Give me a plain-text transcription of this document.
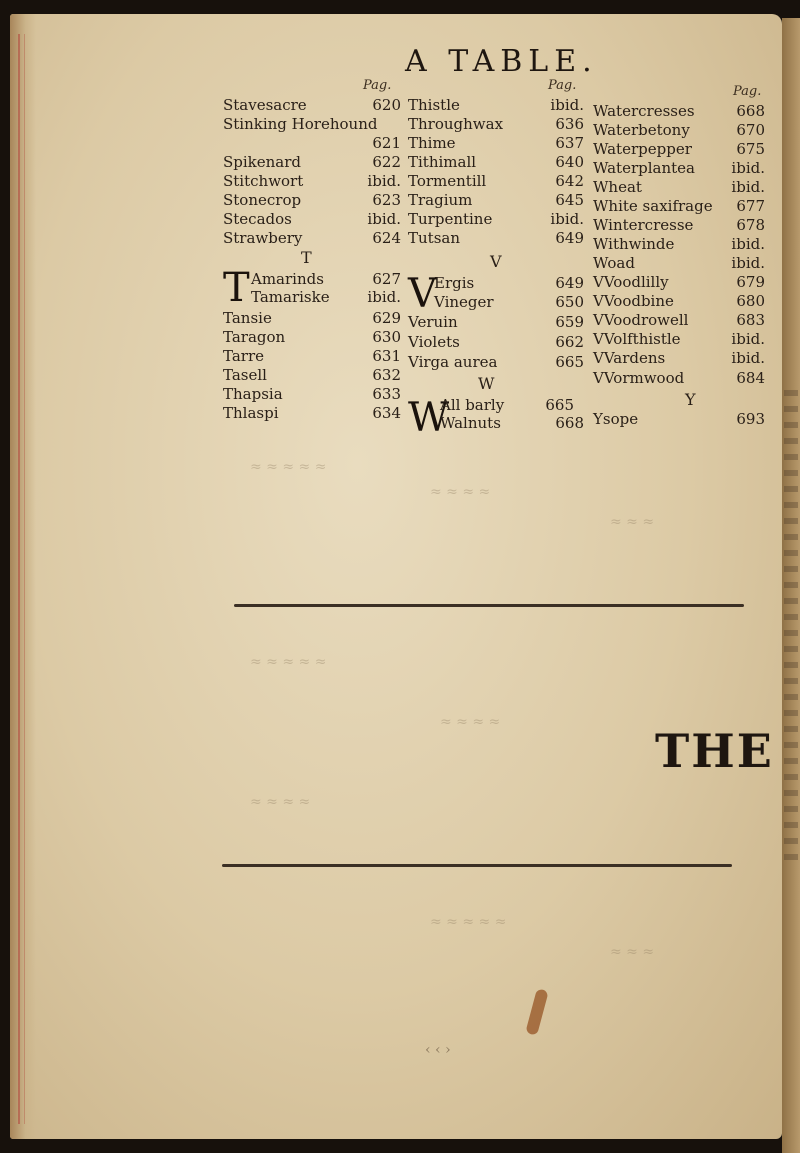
A TABLE.
≈ ≈ ≈ ≈ ≈
≈ ≈ ≈ ≈
≈ ≈ ≈
≈ ≈ ≈ ≈ ≈
≈ ≈ ≈ ≈
≈ ≈ ≈ ≈
≈ ≈ ≈ ≈ ≈
≈ ≈ ≈
Pag.
Stavesacre	620
Stinking Horehound
621
Spikenard	622
Stitchwort	ibid.
Stonecrop	623
Stecados	ibid.
Strawbery	624
T
T Amarinds	627
Tamariske	ibid.
Tansie	629
Taragon	630
Tarre	631
Tasell	632
Thapsia	633
Thlaspi	634
Pag.
Thistle	ibid.
Throughwax	636
Thime	637
Tithimall	640
Tormentill	642
Tragium	645
Turpentine	ibid.
Tutsan	649
V
V
Ergis	649
Vineger	650
Veruin	659
Violets	662
Virga aurea	665
W
W
All barly	665
Walnuts	668
Pag.
Watercresses	668
Waterbetony	670
Waterpepper	675
Waterplantea ibid.
Wheat	ibid.
White saxifrage 677
Wintercresse	678
Withwinde	ibid.
Woad	ibid.
VVoodlilly	679
VVoodbine	680
VVoodrowell	683
VVolfthistle	ibid.
VVardens	ibid.
VVormwood	684
Y
Ysope	693
THE
‹ ‹ ›
